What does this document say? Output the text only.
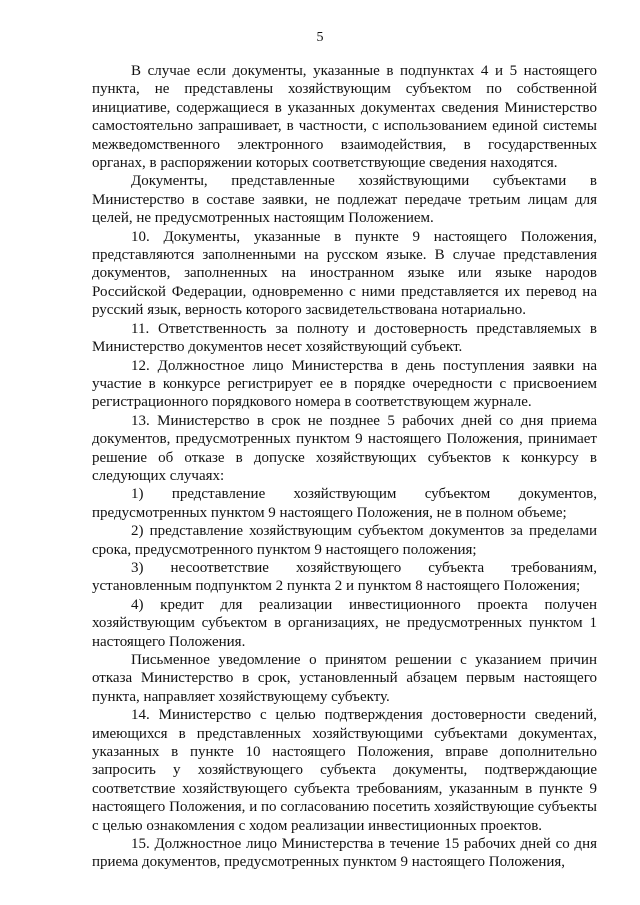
5

В случае если документы, указанные в подпунктах 4 и 5 настоящего пункта, не представлены хозяйствующим субъектом по собственной инициативе, содержащиеся в указанных документах сведения Министерство самостоятельно запрашивает, в частности, с использованием единой системы межведомственного электронного взаимодействия, в государственных органах, в распоряжении которых соответствующие сведения находятся.

Документы, представленные хозяйствующими субъектами в Министерство в составе заявки, не подлежат передаче третьим лицам для целей, не предусмотренных настоящим Положением.

10. Документы, указанные в пункте 9 настоящего Положения, представляются заполненными на русском языке. В случае представления документов, заполненных на иностранном языке или языке народов Российской Федерации, одновременно с ними представляется их перевод на русский язык, верность которого засвидетельствована нотариально.

11. Ответственность за полноту и достоверность представляемых в Министерство документов несет хозяйствующий субъект.

12. Должностное лицо Министерства в день поступления заявки на участие в конкурсе регистрирует ее в порядке очередности с присвоением регистрационного порядкового номера в соответствующем журнале.

13. Министерство в срок не позднее 5 рабочих дней со дня приема документов, предусмотренных пунктом 9 настоящего Положения, принимает решение об отказе в допуске хозяйствующих субъектов к конкурсу в следующих случаях:

1) представление хозяйствующим субъектом документов, предусмотренных пунктом 9 настоящего Положения, не в полном объеме;

2) представление хозяйствующим субъектом документов за пределами срока, предусмотренного пунктом 9 настоящего положения;

3) несоответствие хозяйствующего субъекта требованиям, установленным подпунктом 2 пункта 2 и пунктом 8 настоящего Положения;

4) кредит для реализации инвестиционного проекта получен хозяйствующим субъектом в организациях, не предусмотренных пунктом 1 настоящего Положения.

Письменное уведомление о принятом решении с указанием причин отказа Министерство в срок, установленный абзацем первым настоящего пункта, направляет хозяйствующему субъекту.

14. Министерство с целью подтверждения достоверности сведений, имеющихся в представленных хозяйствующими субъектами документах, указанных в пункте 10 настоящего Положения, вправе дополнительно запросить у хозяйствующего субъекта документы, подтверждающие соответствие хозяйствующего субъекта требованиям, указанным в пункте 9 настоящего Положения, и по согласованию посетить хозяйствующие субъекты с целью ознакомления с ходом реализации инвестиционных проектов.

15. Должностное лицо Министерства в течение 15 рабочих дней со дня приема документов, предусмотренных пунктом 9 настоящего Положения,
